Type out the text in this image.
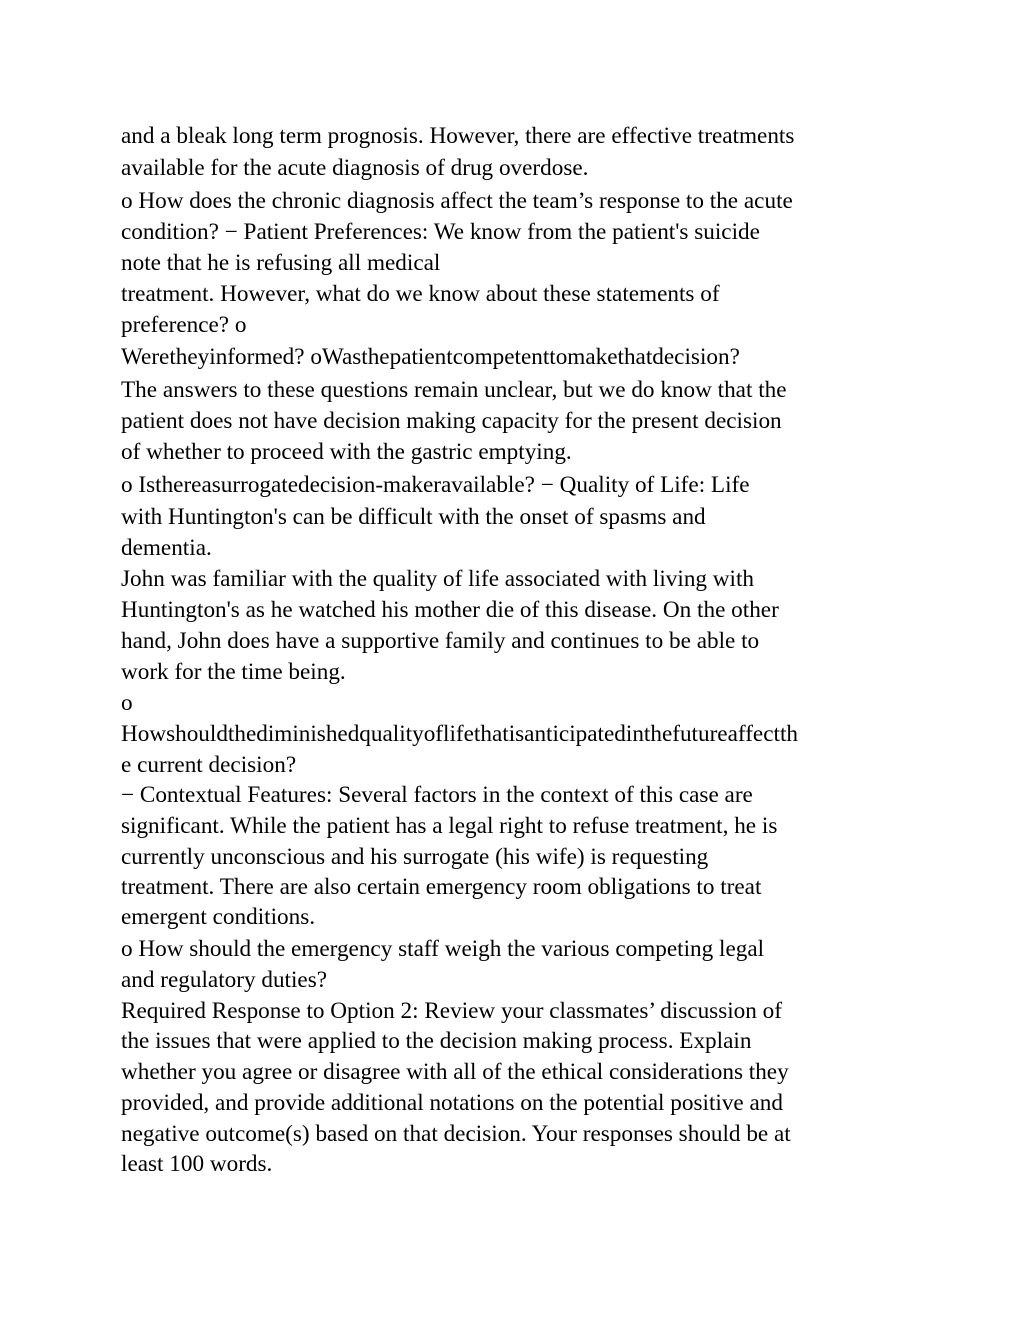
and a bleak long term prognosis. However, there are effective treatments

available for the acute diagnosis of drug overdose.

o How does the chronic diagnosis affect the team’s response to the acute

condition? − Patient Preferences: We know from the patient's suicide

note that he is refusing all medical

treatment. However, what do we know about these statements of

preference? o

Weretheyinformed? oWasthepatientcompetenttomakethatdecision?

The answers to these questions remain unclear, but we do know that the

patient does not have decision making capacity for the present decision

of whether to proceed with the gastric emptying.

o Isthereasurrogatedecision-makeravailable? − Quality of Life: Life

with Huntington's can be difficult with the onset of spasms and

dementia.

John was familiar with the quality of life associated with living with

Huntington's as he watched his mother die of this disease. On the other

hand, John does have a supportive family and continues to be able to

work for the time being.

o

Howshouldthediminishedqualityoflifethatisanticipatedinthefutureaffectth

e current decision?

− Contextual Features: Several factors in the context of this case are

significant. While the patient has a legal right to refuse treatment, he is

currently unconscious and his surrogate (his wife) is requesting

treatment. There are also certain emergency room obligations to treat

emergent conditions.

o How should the emergency staff weigh the various competing legal

and regulatory duties?

Required Response to Option 2: Review your classmates’ discussion of

the issues that were applied to the decision making process. Explain

whether you agree or disagree with all of the ethical considerations they

provided, and provide additional notations on the potential positive and

negative outcome(s) based on that decision. Your responses should be at

least 100 words.
